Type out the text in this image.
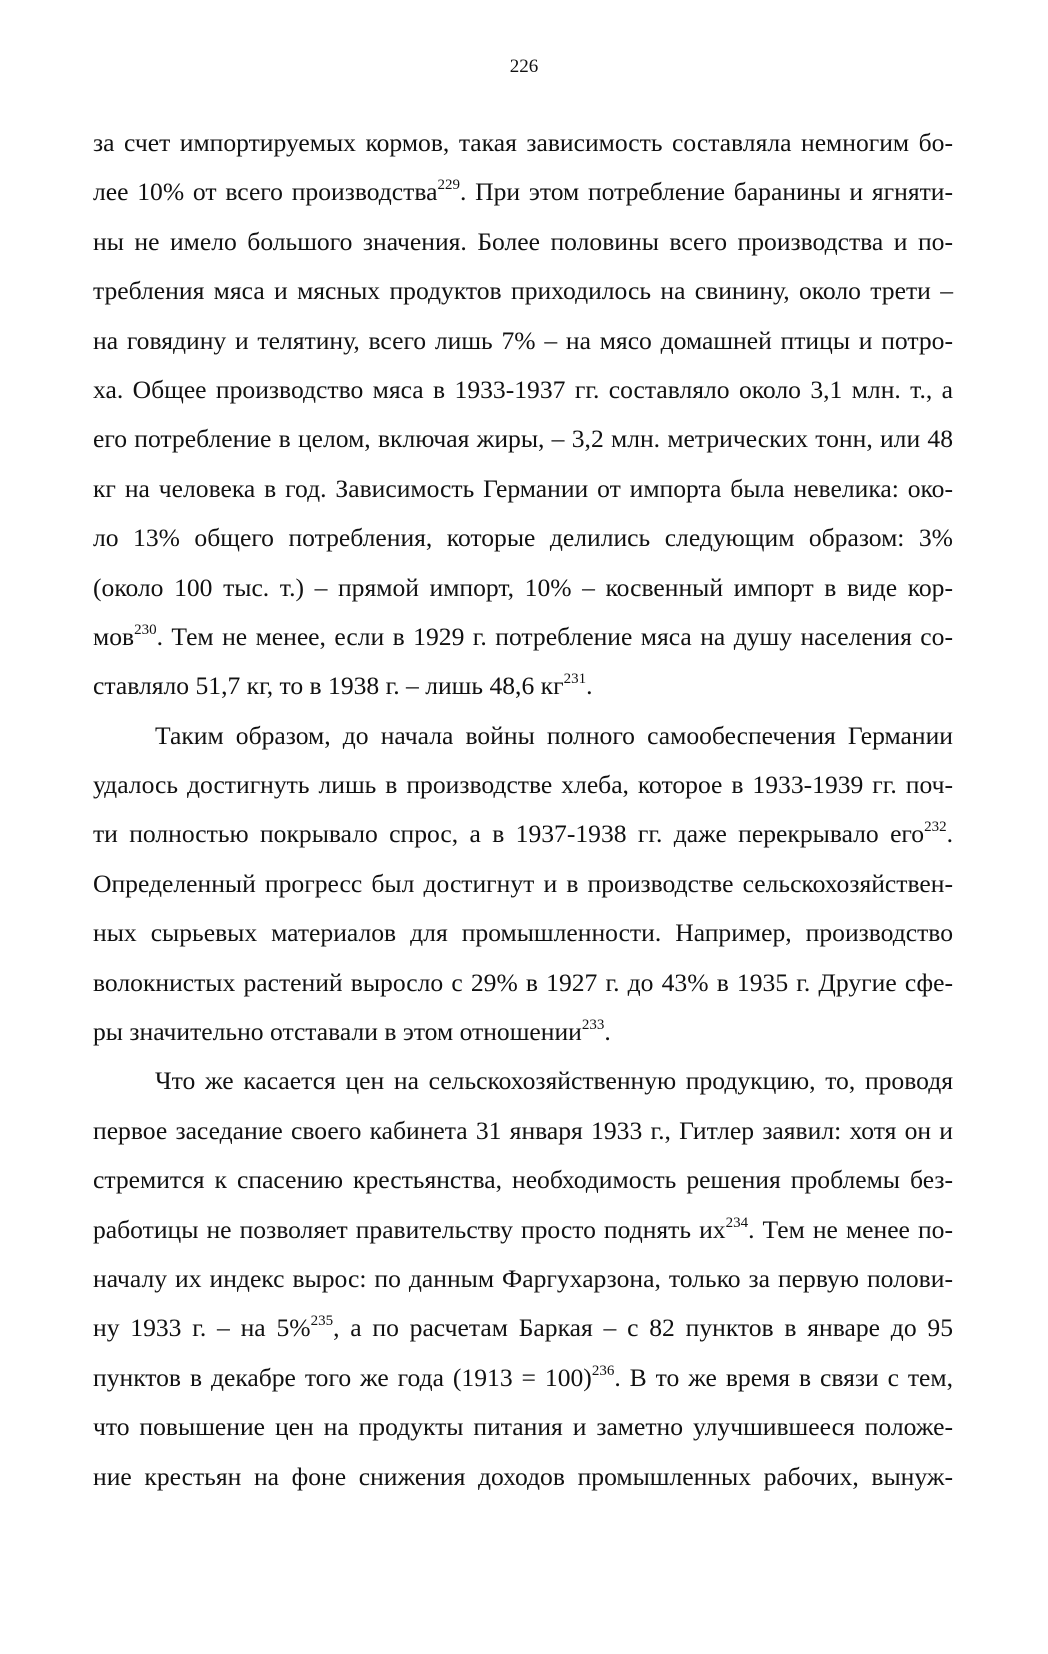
226
за счет импортируемых кормов, такая зависимость составляла немногим бо-
лее 10% от всего производства$^{229}$. При этом потребление баранины и ягняти-
ны не имело большого значения. Более половины всего производства и по-
требления мяса и мясных продуктов приходилось на свинину, около трети –
на говядину и телятину, всего лишь 7% – на мясо домашней птицы и потро-
ха. Общее производство мяса в 1933-1937 гг. составляло около 3,1 млн. т., а
его потребление в целом, включая жиры, – 3,2 млн. метрических тонн, или 48
кг на человека в год. Зависимость Германии от импорта была невелика: око-
ло 13% общего потребления, которые делились следующим образом: 3%
(около 100 тыс. т.) – прямой импорт, 10% – косвенный импорт в виде кор-
мов$^{230}$. Тем не менее, если в 1929 г. потребление мяса на душу населения со-
ставляло 51,7 кг, то в 1938 г. – лишь 48,6 $кг^{231}$.
Таким образом, до начала войны полного самообеспечения Германии
удалось достигнуть лишь в производстве хлеба, которое в 1933-1939 гг. поч-
ти полностью покрывало спрос, а в 1937-1938 гг. даже перекрывало его$^{232}$.
Определенный прогресс был достигнут и в производстве сельскохозяйствен-
ных сырьевых материалов для промышленности. Например, производство
волокнистых растений выросло с 29% в 1927 г. до 43% в 1935 г. Другие сфе-
ры значительно отставали в этом отношении$^{233}$.
Что же касается цен на сельскохозяйственную продукцию, то, проводя
первое заседание своего кабинета 31 января 1933 г., Гитлер заявил: хотя он и
стремится к спасению крестьянства, необходимость решения проблемы без-
работицы не позволяет правительству просто поднять $их^{234}$. Тем не менее по-
началу их индекс вырос: по данным Фаргухарзона, только за первую полови-
ну 1933 г. – на 5%$^{235}$, а по расчетам Баркая – с 82 пунктов в январе до 95
пунктов в декабре того же года (1913 = 100)$^{236}$. В то же время в связи с тем,
что повышение цен на продукты питания и заметно улучшившееся положе-
ние крестьян на фоне снижения доходов промышленных рабочих, вынуж-
